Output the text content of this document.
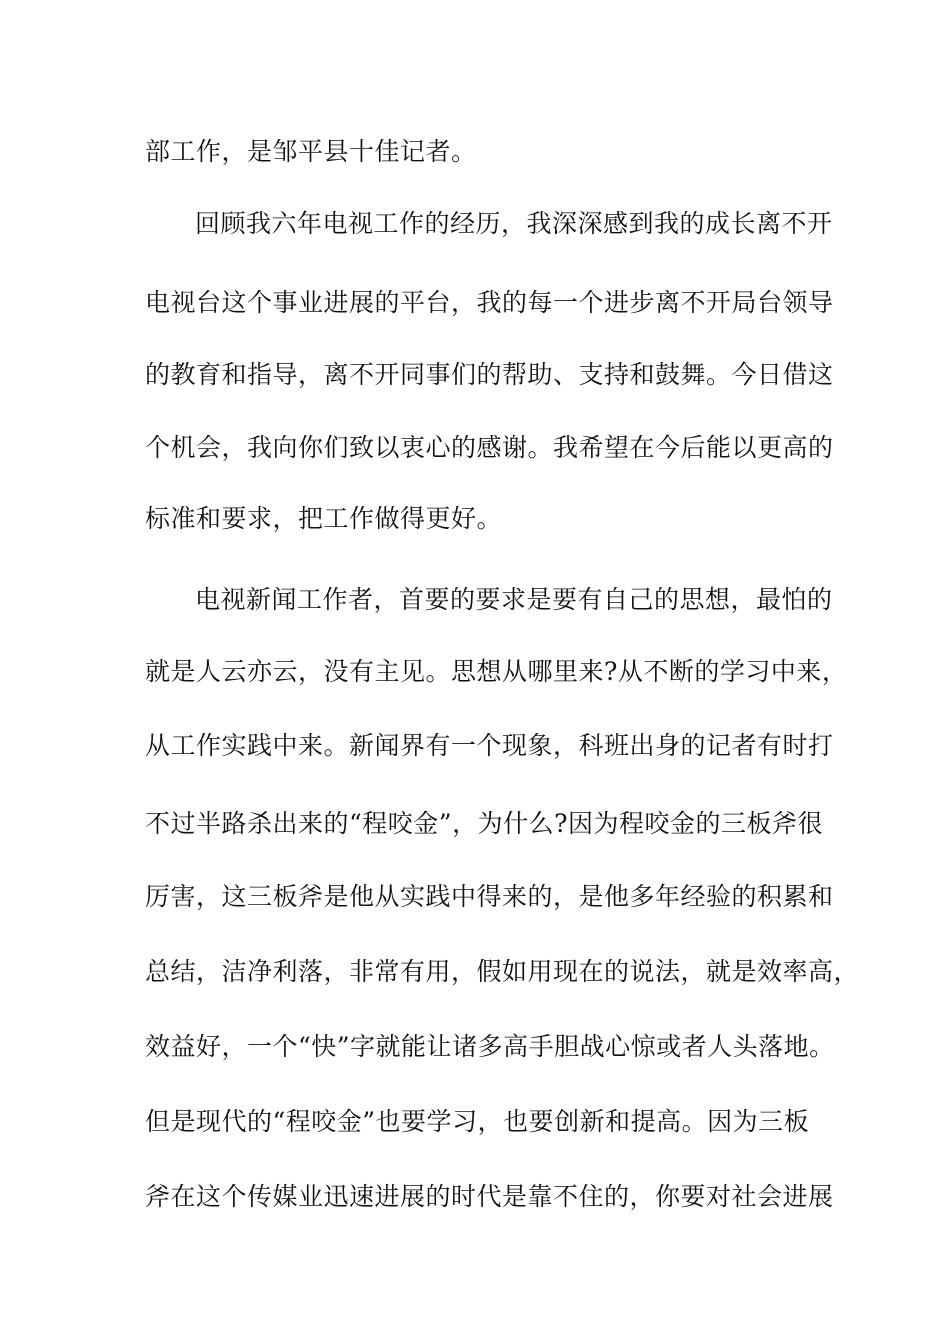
部工作，是邹平县十佳记者。
回顾我六年电视工作的经历，我深深感到我的成长离不开
电视台这个事业进展的平台，我的每一个进步离不开局台领导
的教育和指导，离不开同事们的帮助、支持和鼓舞。今日借这
个机会，我向你们致以衷心的感谢。我希望在今后能以更高的
标准和要求，把工作做得更好。
电视新闻工作者，首要的要求是要有自己的思想，最怕的
就是人云亦云，没有主见。思想从哪里来?从不断的学习中来，
从工作实践中来。新闻界有一个现象，科班出身的记者有时打
不过半路杀出来的“程咬金”，为什么?因为程咬金的三板斧很
厉害，这三板斧是他从实践中得来的，是他多年经验的积累和
总结，洁净利落，非常有用，假如用现在的说法，就是效率高，
效益好，一个“快”字就能让诸多高手胆战心惊或者人头落地。
但是现代的“程咬金”也要学习，也要创新和提高。因为三板
斧在这个传媒业迅速进展的时代是靠不住的，你要对社会进展
